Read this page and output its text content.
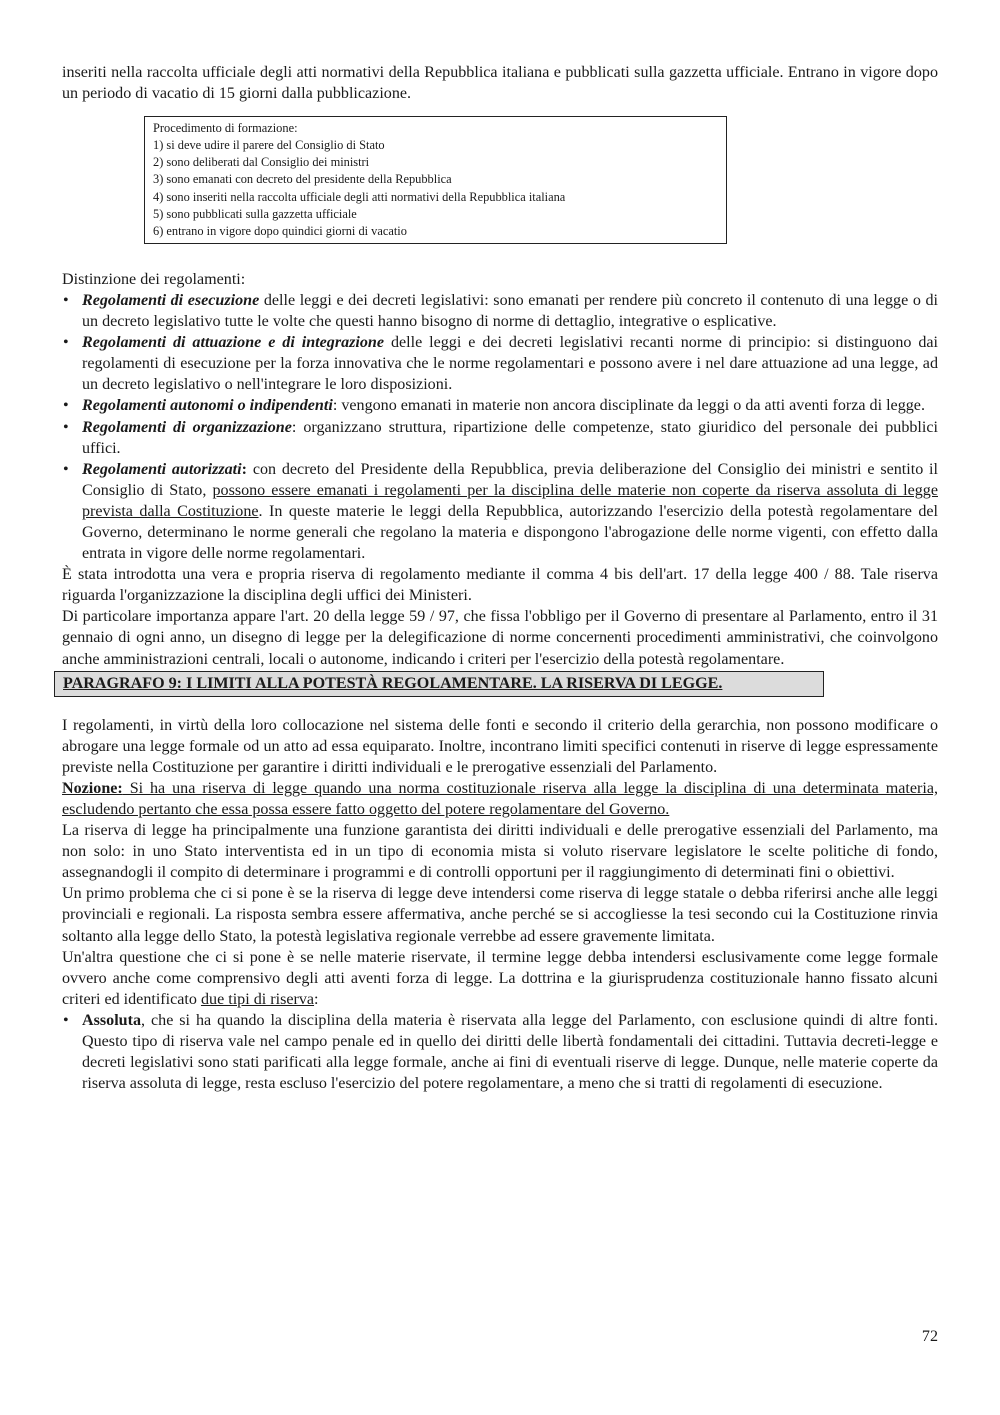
inseriti nella raccolta ufficiale degli atti normativi della Repubblica italiana e pubblicati sulla gazzetta ufficiale. Entrano in vigore dopo un periodo di vacatio di 15 giorni dalla pubblicazione.

Procedimento di formazione:
1) si deve udire il parere del Consiglio di Stato
2) sono deliberati dal Consiglio dei ministri
3) sono emanati con decreto del presidente della Repubblica
4) sono inseriti nella raccolta ufficiale degli atti normativi della Repubblica italiana
5) sono pubblicati sulla gazzetta ufficiale
6) entrano in vigore dopo quindici giorni di vacatio

Distinzione dei regolamenti:

• Regolamenti di esecuzione delle leggi e dei decreti legislativi: sono emanati per rendere più concreto il contenuto di una legge o di un decreto legislativo tutte le volte che questi hanno bisogno di norme di dettaglio, integrative o esplicative.
• Regolamenti di attuazione e di integrazione delle leggi e dei decreti legislativi recanti norme di principio: si distinguono dai regolamenti di esecuzione per la forza innovativa che le norme regolamentari e possono avere i nel dare attuazione ad una legge, ad un decreto legislativo o nell'integrare le loro disposizioni.
• Regolamenti autonomi o indipendenti: vengono emanati in materie non ancora disciplinate da leggi o da atti aventi forza di legge.
• Regolamenti di organizzazione: organizzano struttura, ripartizione delle competenze, stato giuridico del personale dei pubblici uffici.
• Regolamenti autorizzati: con decreto del Presidente della Repubblica, previa deliberazione del Consiglio dei ministri e sentito il Consiglio di Stato, possono essere emanati i regolamenti per la disciplina delle materie non coperte da riserva assoluta di legge prevista dalla Costituzione. In queste materie le leggi della Repubblica, autorizzando l'esercizio della potestà regolamentare del Governo, determinano le norme generali che regolano la materia e dispongono l'abrogazione delle norme vigenti, con effetto dalla entrata in vigore delle norme regolamentari.

È stata introdotta una vera e propria riserva di regolamento mediante il comma 4 bis dell'art. 17 della legge 400 / 88. Tale riserva riguarda l'organizzazione la disciplina degli uffici dei Ministeri.

Di particolare importanza appare l'art. 20 della legge 59 / 97, che fissa l'obbligo per il Governo di presentare al Parlamento, entro il 31 gennaio di ogni anno, un disegno di legge per la delegificazione di norme concernenti procedimenti amministrativi, che coinvolgono anche amministrazioni centrali, locali o autonome, indicando i criteri per l'esercizio della potestà regolamentare.

PARAGRAFO 9: I LIMITI ALLA POTESTÀ REGOLAMENTARE. LA RISERVA DI LEGGE.

I regolamenti, in virtù della loro collocazione nel sistema delle fonti e secondo il criterio della gerarchia, non possono modificare o abrogare una legge formale od un atto ad essa equiparato. Inoltre, incontrano limiti specifici contenuti in riserve di legge espressamente previste nella Costituzione per garantire i diritti individuali e le prerogative essenziali del Parlamento.

Nozione: Si ha una riserva di legge quando una norma costituzionale riserva alla legge la disciplina di una determinata materia, escludendo pertanto che essa possa essere fatto oggetto del potere regolamentare del Governo.

La riserva di legge ha principalmente una funzione garantista dei diritti individuali e delle prerogative essenziali del Parlamento, ma non solo: in uno Stato interventista ed in un tipo di economia mista si voluto riservare legislatore le scelte politiche di fondo, assegnandogli il compito di determinare i programmi e di controlli opportuni per il raggiungimento di determinati fini o obiettivi.

Un primo problema che ci si pone è se la riserva di legge deve intendersi come riserva di legge statale o debba riferirsi anche alle leggi provinciali e regionali. La risposta sembra essere affermativa, anche perché se si accogliesse la tesi secondo cui la Costituzione rinvia soltanto alla legge dello Stato, la potestà legislativa regionale verrebbe ad essere gravemente limitata.

Un'altra questione che ci si pone è se nelle materie riservate, il termine legge debba intendersi esclusivamente come legge formale ovvero anche come comprensivo degli atti aventi forza di legge. La dottrina e la giurisprudenza costituzionale hanno fissato alcuni criteri ed identificato due tipi di riserva:

• Assoluta, che si ha quando la disciplina della materia è riservata alla legge del Parlamento, con esclusione quindi di altre fonti. Questo tipo di riserva vale nel campo penale ed in quello dei diritti delle libertà fondamentali dei cittadini. Tuttavia decreti-legge e decreti legislativi sono stati parificati alla legge formale, anche ai fini di eventuali riserve di legge. Dunque, nelle materie coperte da riserva assoluta di legge, resta escluso l'esercizio del potere regolamentare, a meno che si tratti di regolamenti di esecuzione.
72
